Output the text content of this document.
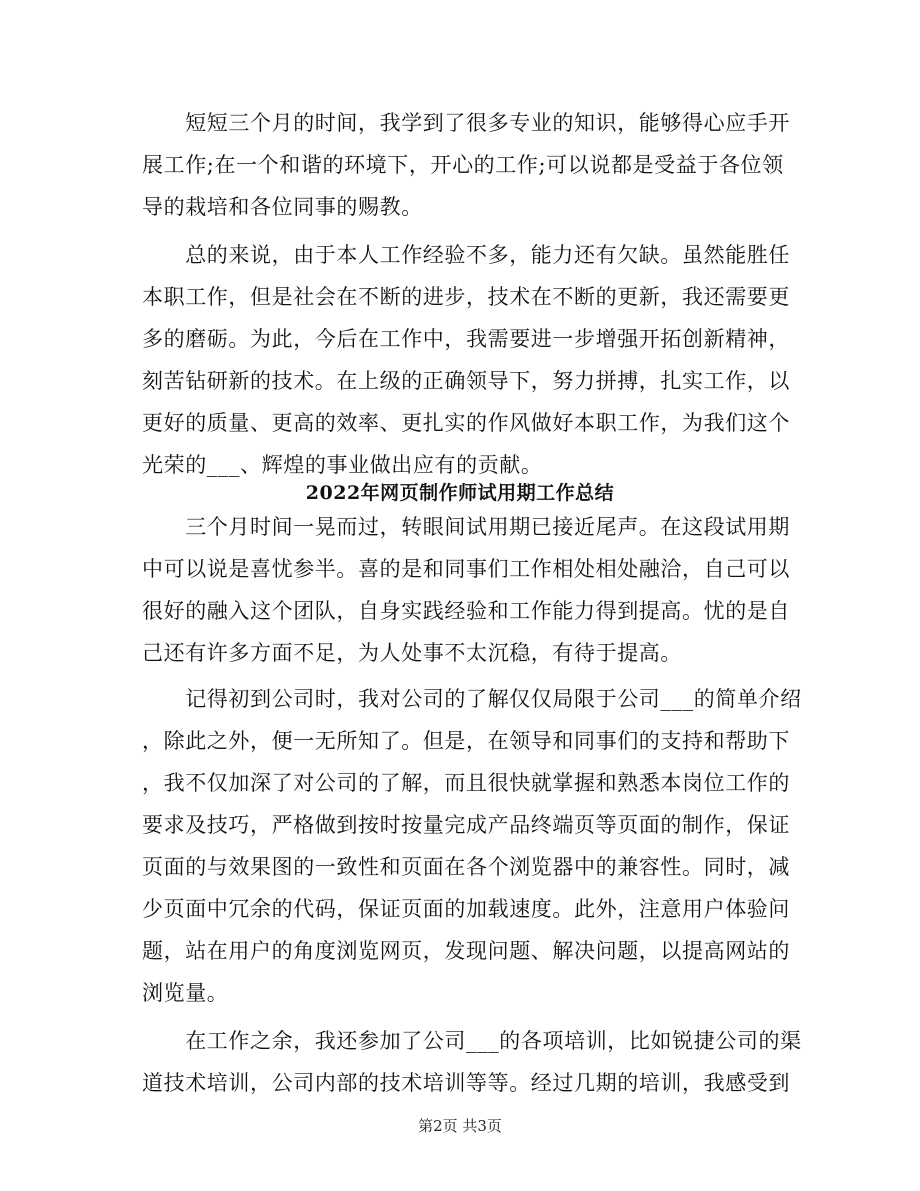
　　短短三个月的时间，我学到了很多专业的知识，能够得心应手开
展工作;在一个和谐的环境下，开心的工作;可以说都是受益于各位领
导的栽培和各位同事的赐教。
　　总的来说，由于本人工作经验不多，能力还有欠缺。虽然能胜任
本职工作，但是社会在不断的进步，技术在不断的更新，我还需要更
多的磨砺。为此，今后在工作中，我需要进一步增强开拓创新精神，
刻苦钻研新的技术。在上级的正确领导下，努力拼搏，扎实工作，以
更好的质量、更高的效率、更扎实的作风做好本职工作，为我们这个
光荣的___、辉煌的事业做出应有的贡献。
2022年网页制作师试用期工作总结
　　三个月时间一晃而过，转眼间试用期已接近尾声。在这段试用期
中可以说是喜忧参半。喜的是和同事们工作相处相处融洽，自己可以
很好的融入这个团队，自身实践经验和工作能力得到提高。忧的是自
己还有许多方面不足，为人处事不太沉稳，有待于提高。
　　记得初到公司时，我对公司的了解仅仅局限于公司___的简单介绍
，除此之外，便一无所知了。但是，在领导和同事们的支持和帮助下
，我不仅加深了对公司的了解，而且很快就掌握和熟悉本岗位工作的
要求及技巧，严格做到按时按量完成产品终端页等页面的制作，保证
页面的与效果图的一致性和页面在各个浏览器中的兼容性。同时，减
少页面中冗余的代码，保证页面的加载速度。此外，注意用户体验问
题，站在用户的角度浏览网页，发现问题、解决问题，以提高网站的
浏览量。
　　在工作之余，我还参加了公司___的各项培训，比如锐捷公司的渠
道技术培训，公司内部的技术培训等等。经过几期的培训，我感受到
第2页 共3页
